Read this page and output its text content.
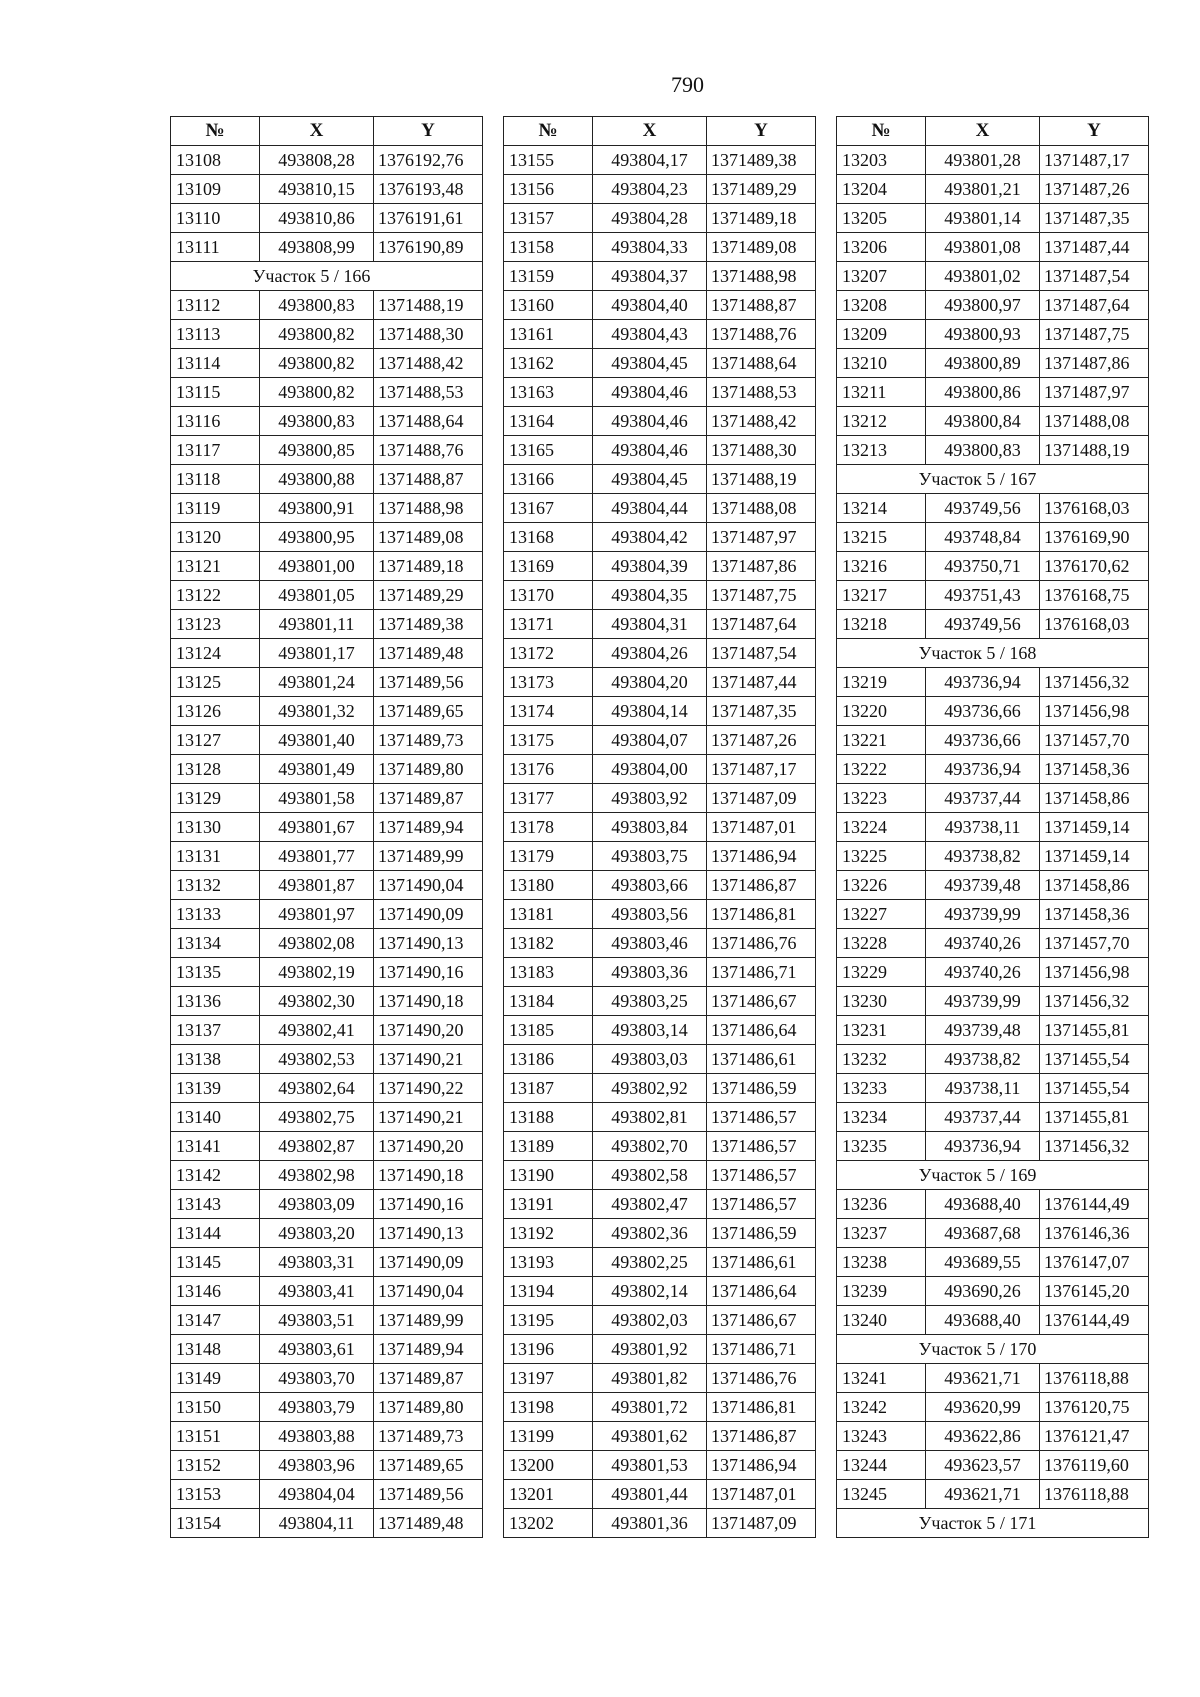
790
№	X	Y
13108	493808,28	1376192,76
13109	493810,15	1376193,48
13110	493810,86	1376191,61
13111	493808,99	1376190,89
Участок 5 / 166		
13112	493800,83	1371488,19
13113	493800,82	1371488,30
13114	493800,82	1371488,42
13115	493800,82	1371488,53
13116	493800,83	1371488,64
13117	493800,85	1371488,76
13118	493800,88	1371488,87
13119	493800,91	1371488,98
13120	493800,95	1371489,08
13121	493801,00	1371489,18
13122	493801,05	1371489,29
13123	493801,11	1371489,38
13124	493801,17	1371489,48
13125	493801,24	1371489,56
13126	493801,32	1371489,65
13127	493801,40	1371489,73
13128	493801,49	1371489,80
13129	493801,58	1371489,87
13130	493801,67	1371489,94
13131	493801,77	1371489,99
13132	493801,87	1371490,04
13133	493801,97	1371490,09
13134	493802,08	1371490,13
13135	493802,19	1371490,16
13136	493802,30	1371490,18
13137	493802,41	1371490,20
13138	493802,53	1371490,21
13139	493802,64	1371490,22
13140	493802,75	1371490,21
13141	493802,87	1371490,20
13142	493802,98	1371490,18
13143	493803,09	1371490,16
13144	493803,20	1371490,13
13145	493803,31	1371490,09
13146	493803,41	1371490,04
13147	493803,51	1371489,99
13148	493803,61	1371489,94
13149	493803,70	1371489,87
13150	493803,79	1371489,80
13151	493803,88	1371489,73
13152	493803,96	1371489,65
13153	493804,04	1371489,56
13154	493804,11	1371489,48
№	X	Y
13155	493804,17	1371489,38
13156	493804,23	1371489,29
13157	493804,28	1371489,18
13158	493804,33	1371489,08
13159	493804,37	1371488,98
13160	493804,40	1371488,87
13161	493804,43	1371488,76
13162	493804,45	1371488,64
13163	493804,46	1371488,53
13164	493804,46	1371488,42
13165	493804,46	1371488,30
13166	493804,45	1371488,19
13167	493804,44	1371488,08
13168	493804,42	1371487,97
13169	493804,39	1371487,86
13170	493804,35	1371487,75
13171	493804,31	1371487,64
13172	493804,26	1371487,54
13173	493804,20	1371487,44
13174	493804,14	1371487,35
13175	493804,07	1371487,26
13176	493804,00	1371487,17
13177	493803,92	1371487,09
13178	493803,84	1371487,01
13179	493803,75	1371486,94
13180	493803,66	1371486,87
13181	493803,56	1371486,81
13182	493803,46	1371486,76
13183	493803,36	1371486,71
13184	493803,25	1371486,67
13185	493803,14	1371486,64
13186	493803,03	1371486,61
13187	493802,92	1371486,59
13188	493802,81	1371486,57
13189	493802,70	1371486,57
13190	493802,58	1371486,57
13191	493802,47	1371486,57
13192	493802,36	1371486,59
13193	493802,25	1371486,61
13194	493802,14	1371486,64
13195	493802,03	1371486,67
13196	493801,92	1371486,71
13197	493801,82	1371486,76
13198	493801,72	1371486,81
13199	493801,62	1371486,87
13200	493801,53	1371486,94
13201	493801,44	1371487,01
13202	493801,36	1371487,09
№	X	Y
13203	493801,28	1371487,17
13204	493801,21	1371487,26
13205	493801,14	1371487,35
13206	493801,08	1371487,44
13207	493801,02	1371487,54
13208	493800,97	1371487,64
13209	493800,93	1371487,75
13210	493800,89	1371487,86
13211	493800,86	1371487,97
13212	493800,84	1371488,08
13213	493800,83	1371488,19
Участок 5 / 167		
13214	493749,56	1376168,03
13215	493748,84	1376169,90
13216	493750,71	1376170,62
13217	493751,43	1376168,75
13218	493749,56	1376168,03
Участок 5 / 168		
13219	493736,94	1371456,32
13220	493736,66	1371456,98
13221	493736,66	1371457,70
13222	493736,94	1371458,36
13223	493737,44	1371458,86
13224	493738,11	1371459,14
13225	493738,82	1371459,14
13226	493739,48	1371458,86
13227	493739,99	1371458,36
13228	493740,26	1371457,70
13229	493740,26	1371456,98
13230	493739,99	1371456,32
13231	493739,48	1371455,81
13232	493738,82	1371455,54
13233	493738,11	1371455,54
13234	493737,44	1371455,81
13235	493736,94	1371456,32
Участок 5 / 169		
13236	493688,40	1376144,49
13237	493687,68	1376146,36
13238	493689,55	1376147,07
13239	493690,26	1376145,20
13240	493688,40	1376144,49
Участок 5 / 170		
13241	493621,71	1376118,88
13242	493620,99	1376120,75
13243	493622,86	1376121,47
13244	493623,57	1376119,60
13245	493621,71	1376118,88
Участок 5 / 171		
